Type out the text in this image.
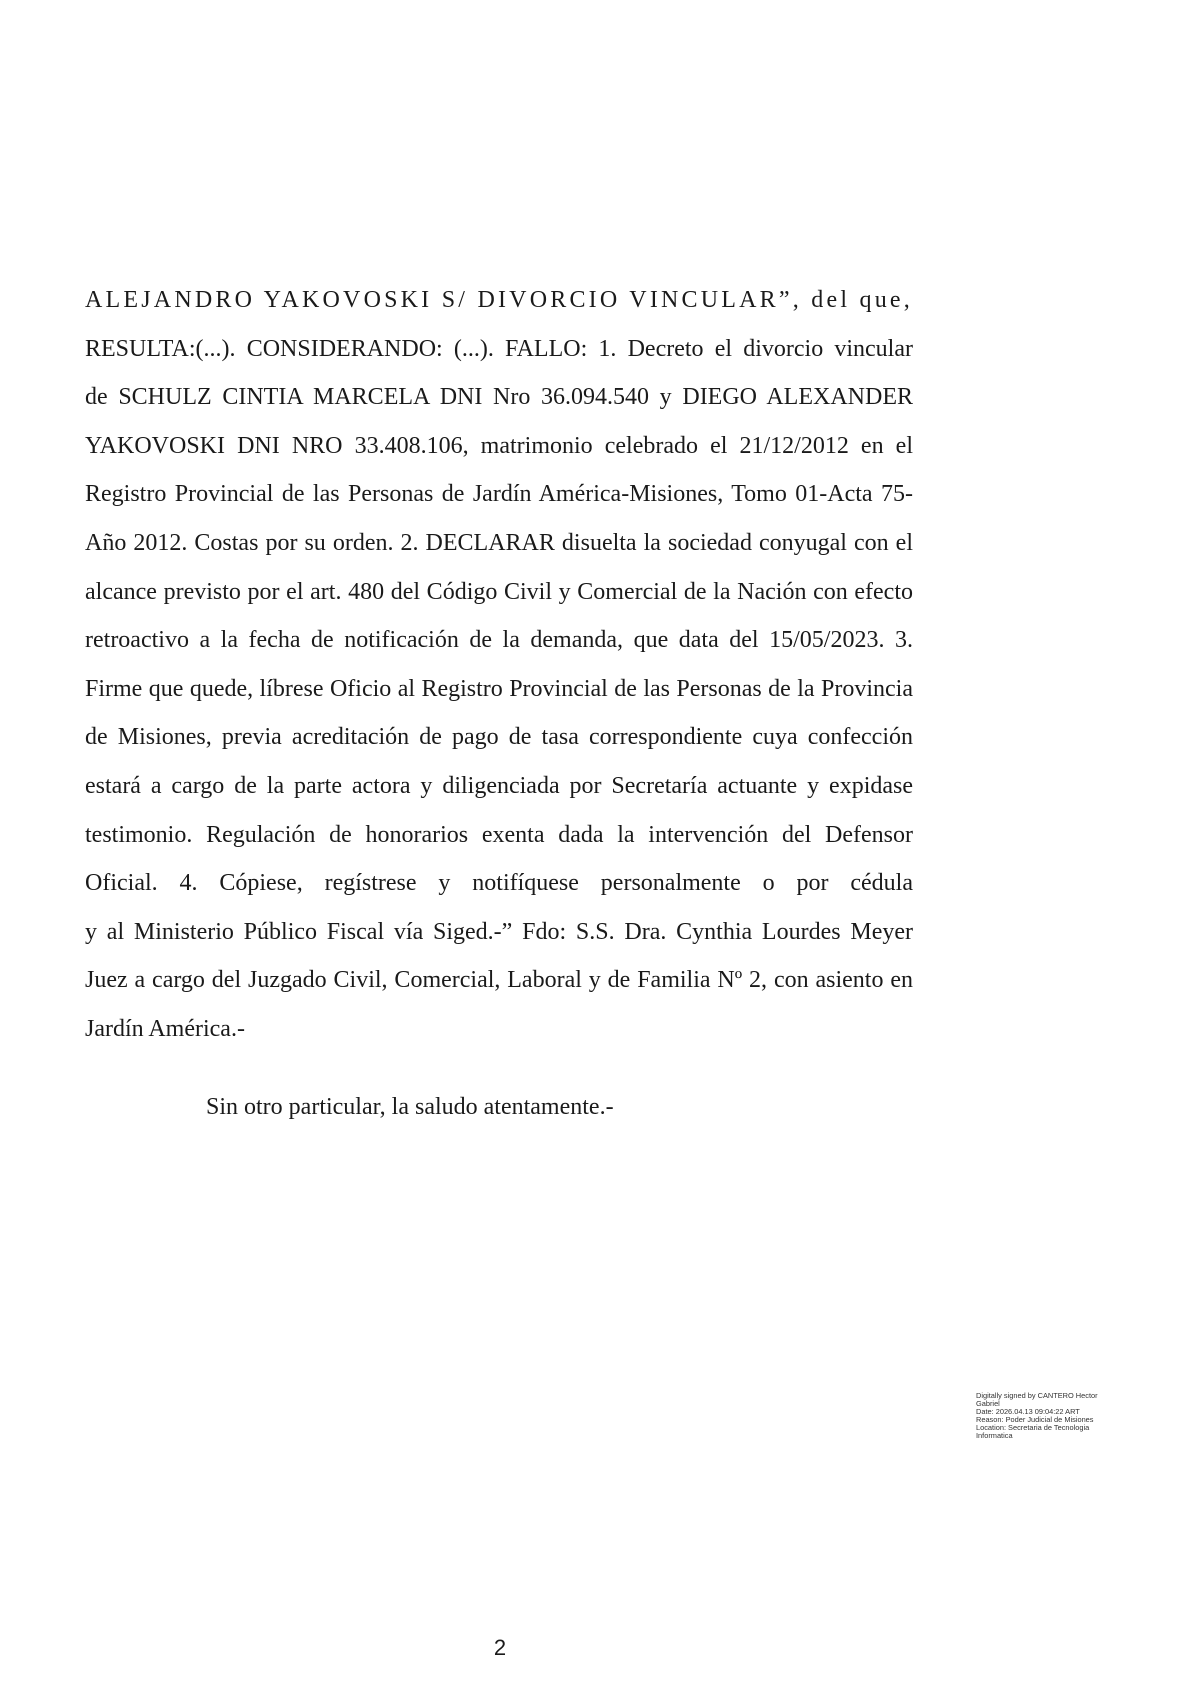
ALEJANDRO YAKOVOSKI S/ DIVORCIO VINCULAR”, del que,
RESULTA:(...). CONSIDERANDO: (...). FALLO: 1. Decreto el divorcio vincular
de SCHULZ CINTIA MARCELA DNI Nro 36.094.540 y DIEGO ALEXANDER
YAKOVOSKI DNI NRO 33.408.106, matrimonio celebrado el 21/12/2012 en el
Registro Provincial de las Personas de Jardín América-Misiones, Tomo 01-Acta 75-
Año 2012. Costas por su orden. 2. DECLARAR disuelta la sociedad conyugal con el
alcance previsto por el art. 480 del Código Civil y Comercial de la Nación con efecto
retroactivo a la fecha de notificación de la demanda, que data del 15/05/2023. 3.
Firme que quede, líbrese Oficio al Registro Provincial de las Personas de la Provincia
de Misiones, previa acreditación de pago de tasa correspondiente cuya confección
estará a cargo de la parte actora y diligenciada por Secretaría actuante y expidase
testimonio. Regulación de honorarios exenta dada la intervención del Defensor
Oficial. 4. Cópiese, regístrese y notifíquese personalmente o por cédula
y al Ministerio Público Fiscal vía Siged.-” Fdo: S.S. Dra. Cynthia Lourdes Meyer
Juez a cargo del Juzgado Civil, Comercial, Laboral y de Familia Nº 2, con asiento en
Jardín América.-

Sin otro particular, la saludo atentamente.-

Digitally signed by CANTERO Hector
Gabriel
Date: 2026.04.13 09:04:22 ART
Reason: Poder Judicial de Misiones
Location: Secretaria de Tecnologia
Informatica
2
